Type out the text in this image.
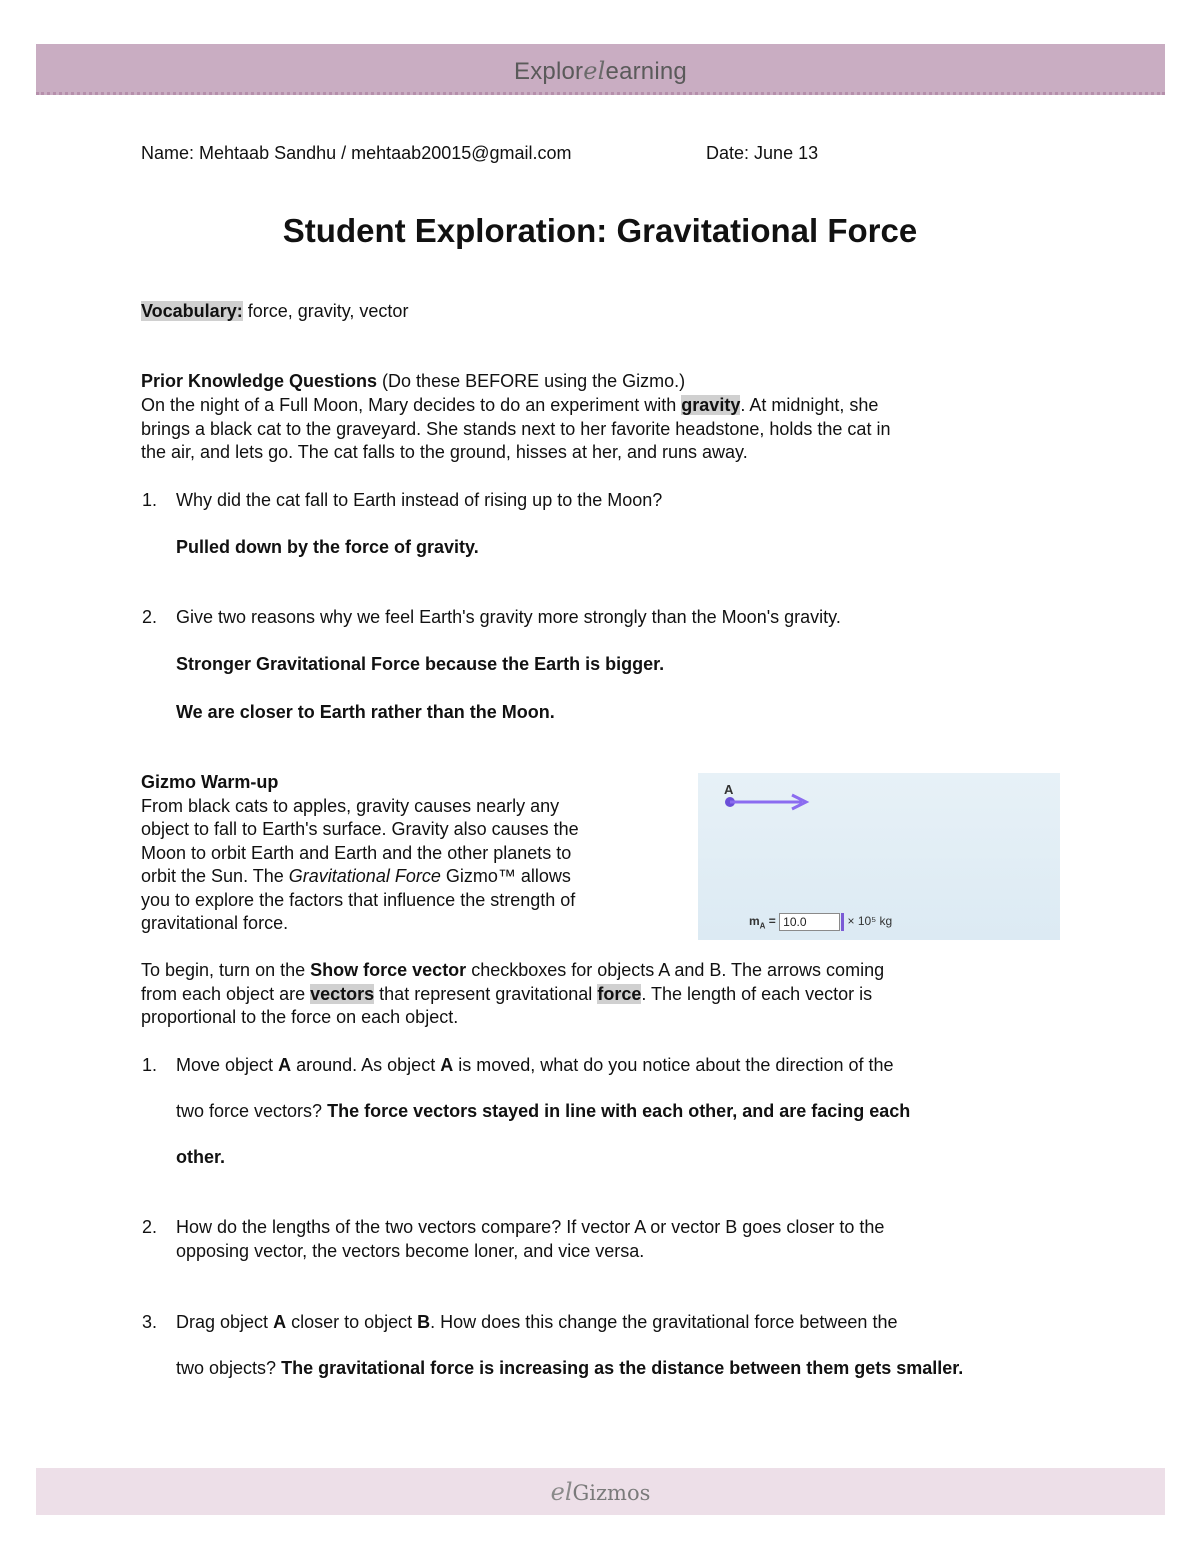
Explorelearning
Name: Mehtaab Sandhu / mehtaab20015@gmail.com	Date: June 13
Student Exploration: Gravitational Force
Vocabulary: force, gravity, vector
Prior Knowledge Questions (Do these BEFORE using the Gizmo.)
On the night of a Full Moon, Mary decides to do an experiment with gravity. At midnight, she
brings a black cat to the graveyard. She stands next to her favorite headstone, holds the cat in
the air, and lets go. The cat falls to the ground, hisses at her, and runs away.
1. Why did the cat fall to Earth instead of rising up to the Moon?
Pulled down by the force of gravity.
2. Give two reasons why we feel Earth's gravity more strongly than the Moon's gravity.
Stronger Gravitational Force because the Earth is bigger.
We are closer to Earth rather than the Moon.
Gizmo Warm-up
From black cats to apples, gravity causes nearly any
object to fall to Earth's surface. Gravity also causes the
Moon to orbit Earth and Earth and the other planets to
orbit the Sun. The Gravitational Force Gizmo™ allows
you to explore the factors that influence the strength of
gravitational force.
A
$m_A = 10.0$	× 10⁵ kg
To begin, turn on the Show force vector checkboxes for objects A and B. The arrows coming
from each object are vectors that represent gravitational force. The length of each vector is
proportional to the force on each object.
1. Move object A around. As object A is moved, what do you notice about the direction of the
two force vectors? The force vectors stayed in line with each other, and are facing each
other.
2. How do the lengths of the two vectors compare? If vector A or vector B goes closer to the
opposing vector, the vectors become loner, and vice versa.
3. Drag object A closer to object B. How does this change the gravitational force between the
two objects? The gravitational force is increasing as the distance between them gets smaller.
elGizmos
